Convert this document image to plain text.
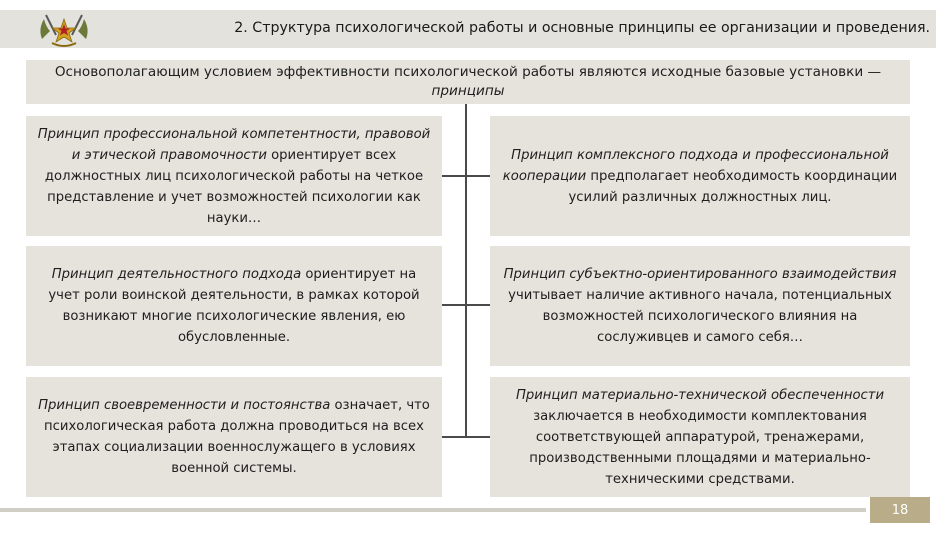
2. Структура психологической работы и основные принципы ее организации и проведения.
Основополагающим условием эффективности психологической работы являются исходные базовые установки — принципы
Принцип профессиональной компетентности, правовой и этической правомочности ориентирует всех должностных лиц психологической работы на четкое представление и учет возможностей психологии как науки…
Принцип деятельностного подхода ориентирует на учет роли воинской деятельности, в рамках которой возникают многие психологические явления, ею обусловленные.
Принцип своевременности и постоянства означает, что психологическая работа должна проводиться на всех этапах социализации военнослужащего в условиях военной системы.
Принцип комплексного подхода и профессиональной кооперации предполагает необходимость координации усилий различных должностных лиц.
Принцип субъектно-ориентированного взаимодействия учитывает наличие активного начала, потенциальных возможностей психологического влияния на сослуживцев и самого себя…
Принцип материально-технической обеспеченности заключается в необходимости комплектования соответствующей аппаратурой, тренажерами, производственными площадями и материально-техническими средствами.
18
